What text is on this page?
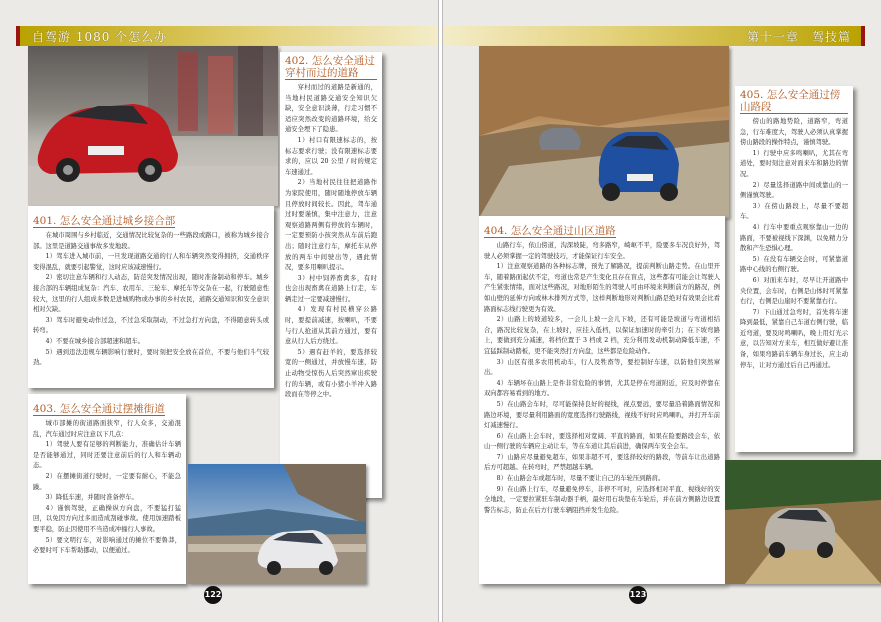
自驾游 1080 个怎么办
402. 怎么安全通过穿村而过的道路

穿村而过的道路是新通的，当地村民道路交通安全知识欠缺，安全意识淡薄，行走习惯不适应突然改变的道路环境，给交通安全埋下了隐患。

1）村口有限速标志的，按标志要求行驶；没有限速标志要求的，应以 20 公里 / 时的规定车速通过。

2）当地村民往往把道路作为家院使用，随时随地停放车辆且停放时间较长。因此，驾车通过时要谨慎，集中注意力，注意观察道路两侧有停放的车辆时，一定要预防小孩突然从车前后跑出；随时注意行车，摩托车从停放的两车中间驶出等，遇此情况，要多用喇叭提示。

3）村中饲养畜禽多，有时也会出现畜禽在道路上行走，车辆走过一定要减速慢行。

4）发现有村民横穿公路时，要提前减速，按喇叭，不要与行人抢道从其前方通过，要有意从行人后方绕过。

5）遇有赶羊的，要选择较宽的一侧通过，并放慢车速，防止动物受惊伤人后突然窜出疾驶行的车辆，或有小猪小羊冲入路段而在等停之中。

401. 怎么安全通过城乡接合部

在城市周围与乡村临近，交通情况比较复杂的一些路段或路口，被称为城乡接合部。这里是道路交通事故多发地段。

1）驾车进入城市前，一旦发现道路交通的行人和车辆突然变得拥挤，交通秩序变得混乱，就要引起警觉，这时应该减速慢行。

2）密切注意车辆和行人动态，防范突发情况出现，随时准备制动和停车。城乡接合部的车辆组成复杂：汽车、农用车、三轮车、摩托车等交杂在一起，行驶随意性较大，这里的行人组成多数是进城购物或办事的乡村农民，道路交通知识和安全意识相对欠缺。

3）驾车时避免动作过急，不过急采取制动，不过急打方向盘，不得随意转头或转弯。

4）不要在城乡接合部超速和超车。

5）遇到违法违规车辆影响行驶时，要时刻把安全放在首位，不要与他们斗气较劲。

403. 怎么安全通过摆摊街道

城市部摊的街道路面狭窄，行人众多，交通混乱，汽车通过时应注意以下几点：

1）驾驶人要有足够的判断能力，准确估计车辆是否能够通过，同时还要注意前后的行人和车辆动态。

2）在摆摊街道行驶时，一定要有耐心，不能急躁。

3）降低车速，并随时准备停车。

4）谨慎驾驶，正确操纵方向盘，不要猛打猛回，以免因方向过多而造成刮碰事故。使用加速踏板要平稳，防止因使用不当造成冲撞行人事故。

5）要文明行车，对影响通过的摊位不要鲁莽，必要时可下车帮助挪动，以便通过。

122
第十一章　驾技篇
405. 怎么安全通过傍山路段

傍山的路地势险，道路窄，弯道急，行车难度大，驾驶人必须认真掌握傍山路段的操作特点，谨慎驾驶。

1）行驶中应多鸣喇叭，尤其在弯道处，要时刻注意对面来车和路边的情况。

2）尽量选择道路中间或靠山的一侧谨慎驾驶。

3）在傍山路段上，尽量不要超车。

4）行车中要重点观察靠山一边的路面，不要被视线下深渊，以免精力分散和产生恐惧心理。

5）在没有车辆交会时，可紧靠道路中心线的右侧行驶。

6）对面来车时，尽早让开道路中央位置，会车时，右侧是山体时可紧靠右行，右侧是山崖时不要紧靠右行。

7）下山通过急弯时，首先将车速降到最低，紧靠自己车道右侧行驶，临近弯道，要及时鸣喇叭，晚上用灯光示意，以告知对方来车，相互做好避让准备，如果弯路前车辆车身过长，应主动停车，让对方通过后自己再通过。

404. 怎么安全通过山区道路

山路行车，依山傍道，沟深坡陡，弯多路窄，崎岖不平，险要多车况良好外，驾驶人必须掌握一定的驾驶技巧，才能保证行车安全。

1）注意观察道路的各种标志牌，预先了解路况，提前判断山路走势。在山里开车，随着路面起伏不定，弯道也常是产生变化且存在盲点，这些都有可能会让驾驶人产生紧张情绪，面对这些路况，对地形陌生的驾驶人可由环境来判断前方的路况，例如山壁的延伸方向或林木排列方式等，这样判断地形对判断山路是绝对有效果会比看路面标志线行驶更为有效。

2）山路上的坡道较多，一会儿上坡一会儿下坡，还有可能是坡道与弯道相结合，路况比较复杂，在上坡时，应挂入低档，以保证加速时的牵引力；在下坡弯路上，要做到充分减速，将档位置于 3 档或 2 档，充分利用发动机制动降低车速，不宜猛踩制动踏板，更不能突然打方向盘，这些都是危险动作。

3）山区有很多农用机动车，行人及牲畜等，要控制好车速，以防他们突然窜出。

4）车辆坏在山路上是件非常危险的事情，尤其是停在弯道附近，应及时停靠在双向都容易看到的地方。

5）在山路会车时，尽可能保持良好的视线，视点要远，要尽量沿着路面情况和路边环境，要尽量利用路面的宽度选择行驶路线，视线不好时应鸣喇叭，并打开车前灯减速慢行。

6）在山路上会车时，要选择相对宽阔、平直的路面，如果在险要路段会车，依山一侧行驶的车辆应主动让车，等在车道让其后前进，确保两车安全会车。

7）山路应尽量避免超车，如果非超不可，要选择较好的路段，等前车让出道路后方可超越。在转弯时，严禁超越车辆。

8）在山路会车或超车时，尽量不要让自己的车轮压到路肩。

9）在山路上行车，尽量避免停车，非停不可时，应选择相对平直、视线好的安全地段，一定要拉紧驻车制动器手柄，最好用石块垫在车轮后，并在前方侧路边设置警告标志，防止在后方行驶车辆阻挡并发生危险。

123
